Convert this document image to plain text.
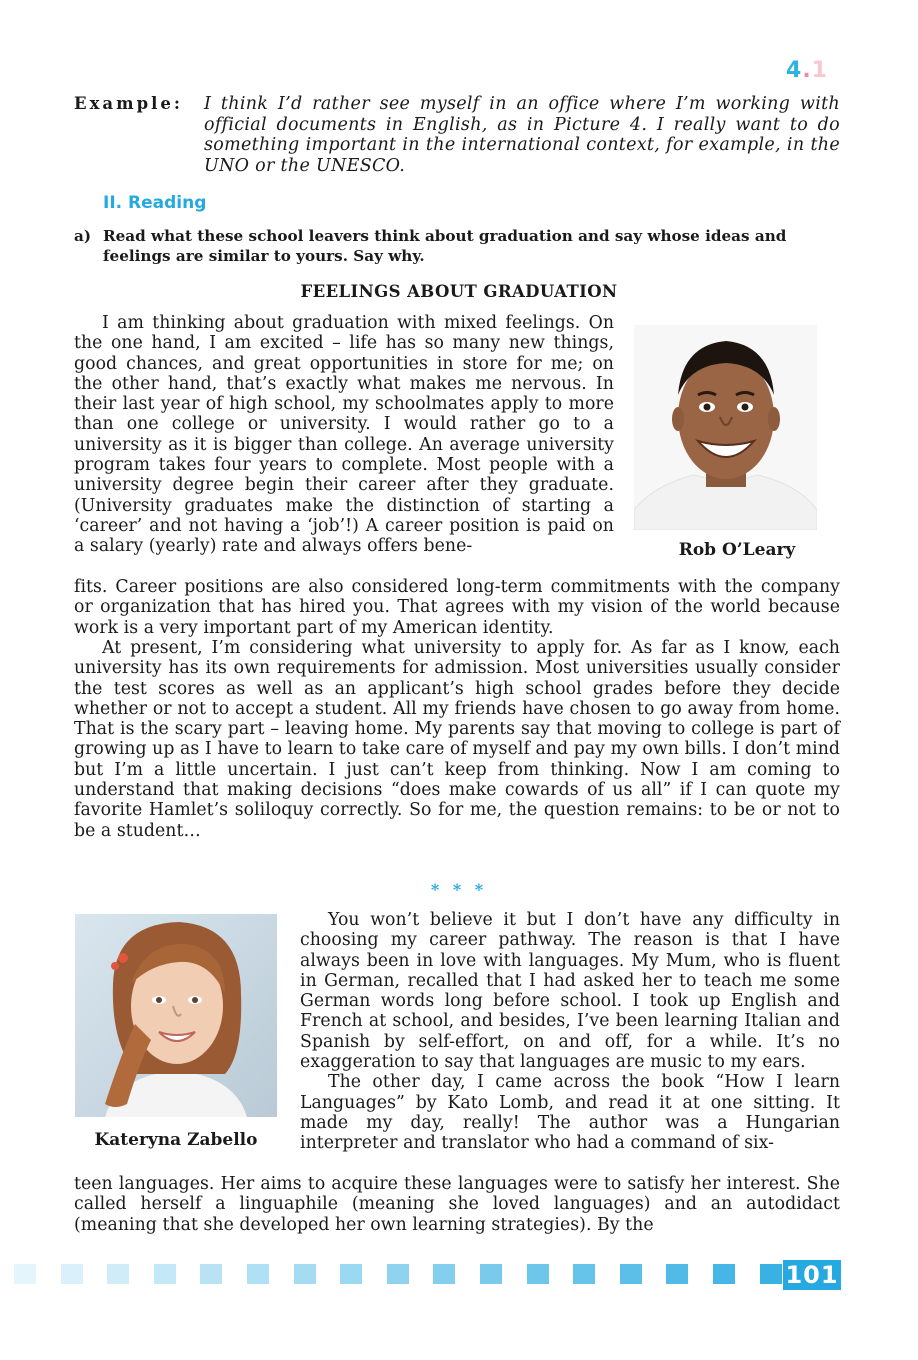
4.1
Example: I think I’d rather see myself in an office where I’m working with official documents in English, as in Picture 4. I really want to do something important in the international context, for example, in the UNO or the UNESCO.
II. Reading
a) Read what these school leavers think about graduation and say whose ideas and feelings are similar to yours. Say why.
FEELINGS ABOUT GRADUATION

I am thinking about graduation with mixed feelings. On the one hand, I am excited – life has so many new things, good chances, and great opportunities in store for me; on the other hand, that’s exactly what makes me nervous. In their last year of high school, my schoolmates apply to more than one college or university. I would rather go to a university as it is bigger than college. An average university program takes four years to complete. Most people with a university degree begin their career after they graduate. (University graduates make the distinction of starting a ‘career’ and not having a ‘job’!) A career position is paid on a salary (yearly) rate and always offers bene-	Rob O’Leary

fits. Career positions are also considered long-term commitments with the company or organization that has hired you. That agrees with my vision of the world because work is a very important part of my American identity.

At present, I’m considering what university to apply for. As far as I know, each university has its own requirements for admission. Most universities usually consider the test scores as well as an applicant’s high school grades before they decide whether or not to accept a student. All my friends have chosen to go away from home. That is the scary part – leaving home. My parents say that moving to college is part of growing up as I have to learn to take care of myself and pay my own bills. I don’t mind but I’m a little uncertain. I just can’t keep from thinking. Now I am coming to understand that making decisions “does make cowards of us all” if I can quote my favorite Hamlet’s soliloquy correctly. So for me, the question remains: to be or not to be a student…

* * *
Kateryna Zabello

You won’t believe it but I don’t have any difficulty in choosing my career pathway. The reason is that I have always been in love with languages. My Mum, who is fluent in German, recalled that I had asked her to teach me some German words long before school. I took up English and French at school, and besides, I’ve been learning Italian and Spanish by self-effort, on and off, for a while. It’s no exaggeration to say that languages are music to my ears.

The other day, I came across the book “How I learn Languages” by Kato Lomb, and read it at one sitting. It made my day, really! The author was a Hungarian interpreter and translator who had a command of six-

teen languages. Her aims to acquire these languages were to satisfy her interest. She called herself a linguaphile (meaning she loved languages) and an autodidact (meaning that she developed her own learning strategies). By the

101
